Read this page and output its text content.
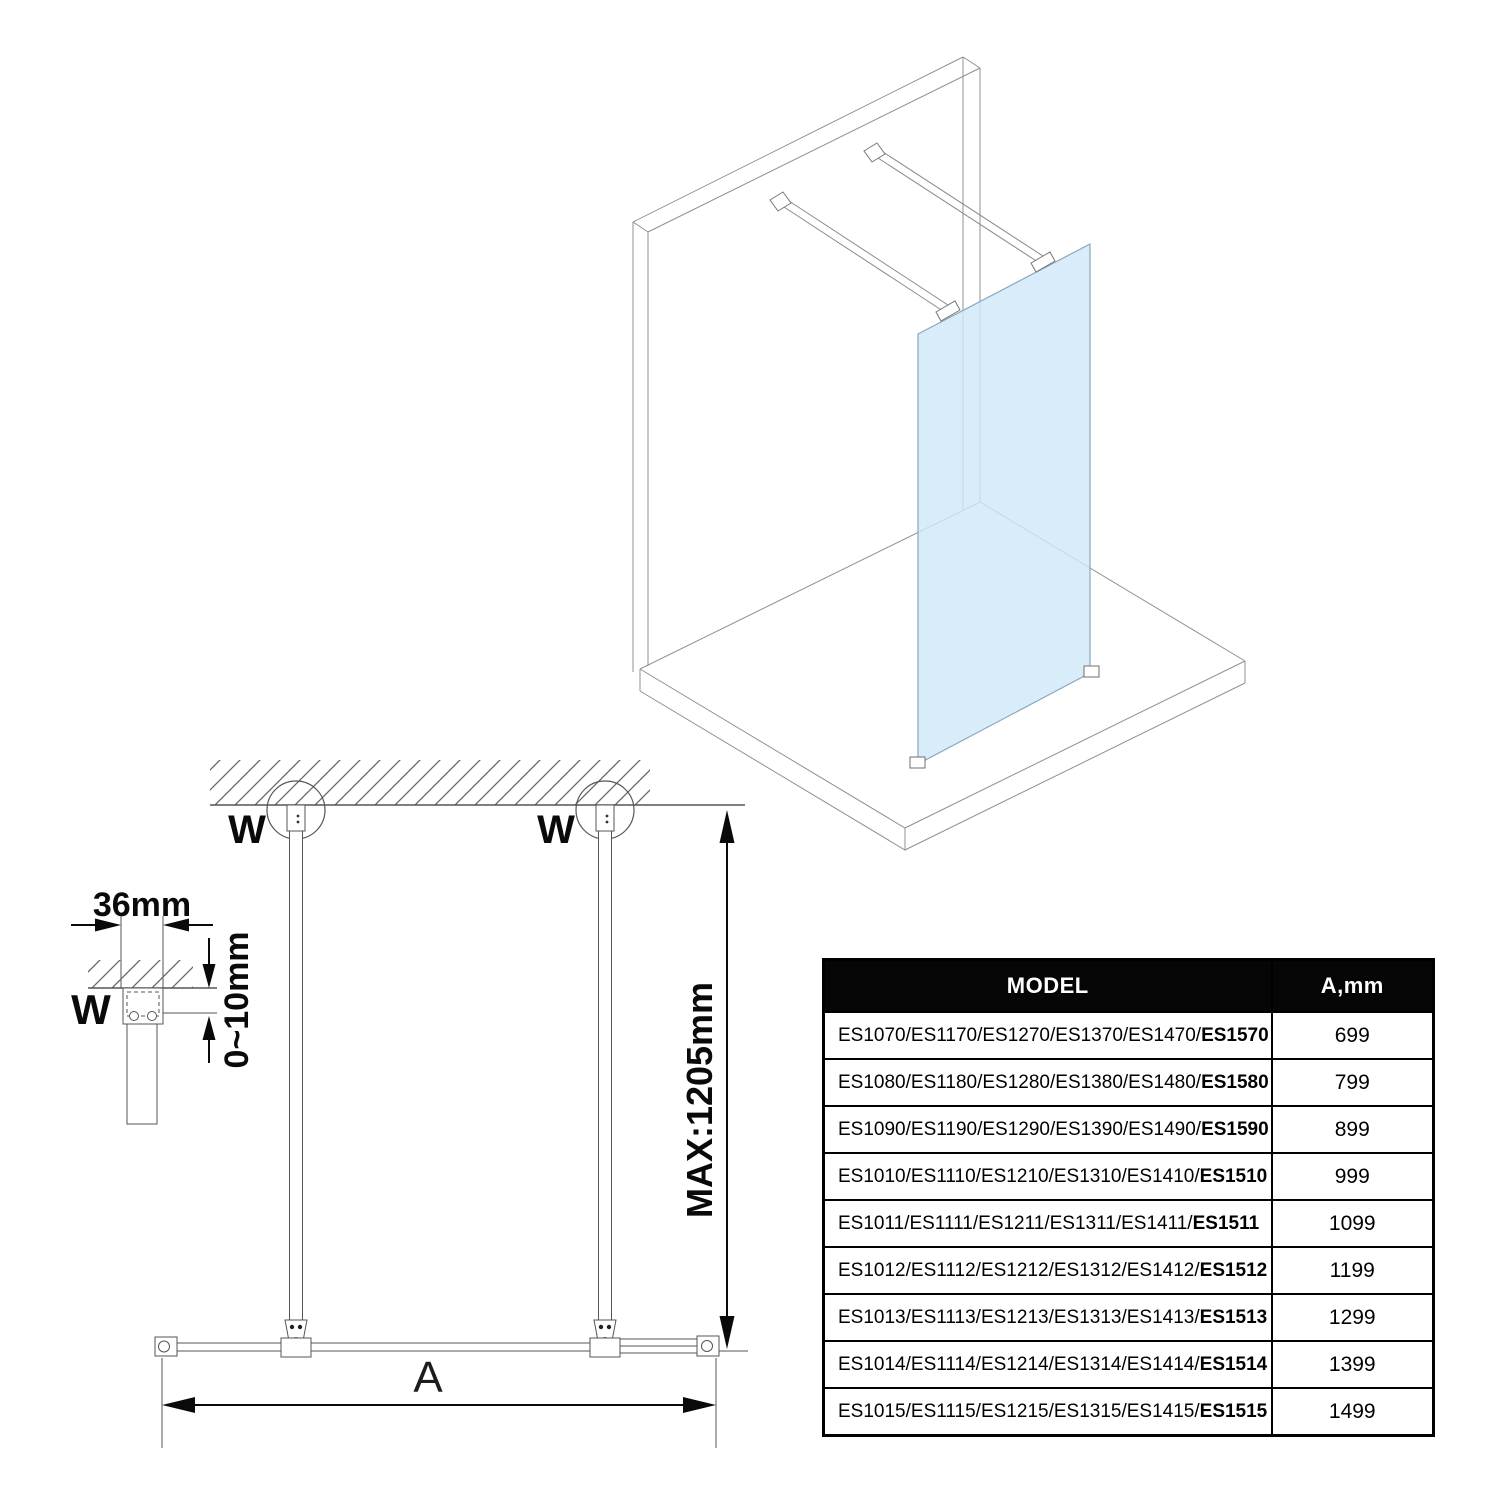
W	W
A
MAX:1205mm
36mm
0~10mm
W
MODEL	A,mm
ES1070/ES1170/ES1270/ES1370/ES1470/ES1570	699
ES1080/ES1180/ES1280/ES1380/ES1480/ES1580	799
ES1090/ES1190/ES1290/ES1390/ES1490/ES1590	899
ES1010/ES1110/ES1210/ES1310/ES1410/ES1510	999
ES1011/ES1111/ES1211/ES1311/ES1411/ES1511	1099
ES1012/ES1112/ES1212/ES1312/ES1412/ES1512	1199
ES1013/ES1113/ES1213/ES1313/ES1413/ES1513	1299
ES1014/ES1114/ES1214/ES1314/ES1414/ES1514	1399
ES1015/ES1115/ES1215/ES1315/ES1415/ES1515	1499
